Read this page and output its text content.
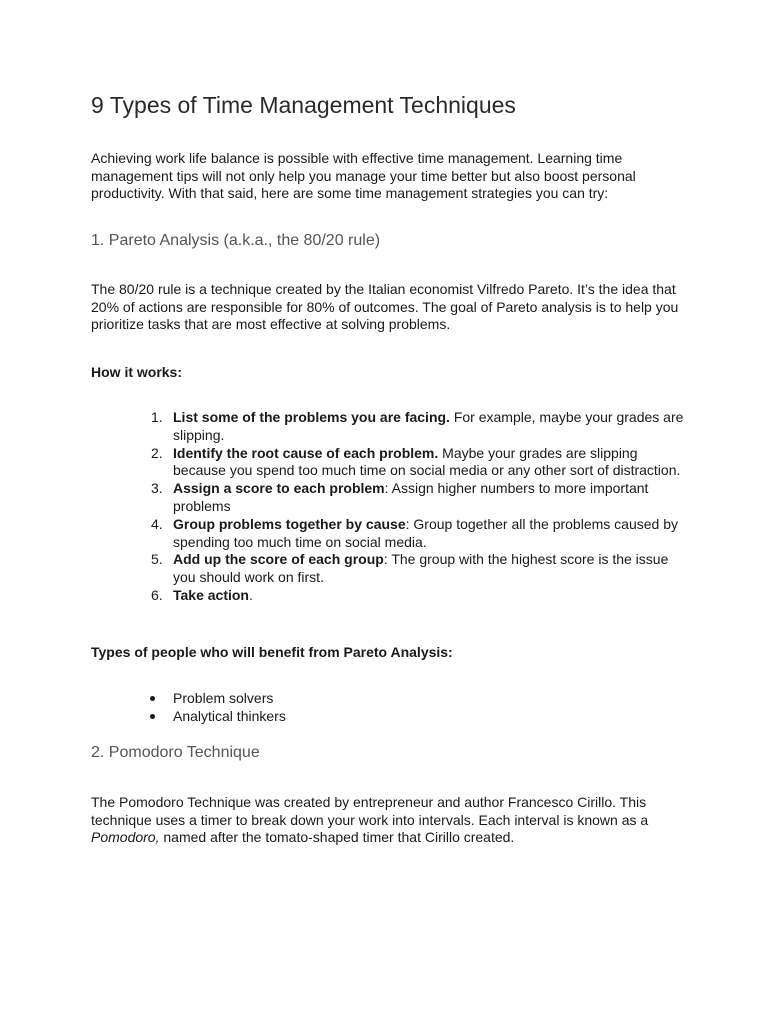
9 Types of Time Management Techniques

Achieving work life balance is possible with effective time management. Learning time management tips will not only help you manage your time better but also boost personal productivity. With that said, here are some time management strategies you can try:

1. Pareto Analysis (a.k.a., the 80/20 rule)

The 80/20 rule is a technique created by the Italian economist Vilfredo Pareto. It’s the idea that 20% of actions are responsible for 80% of outcomes. The goal of Pareto analysis is to help you prioritize tasks that are most effective at solving problems.

How it works:

1. List some of the problems you are facing. For example, maybe your grades are slipping.
2. Identify the root cause of each problem. Maybe your grades are slipping because you spend too much time on social media or any other sort of distraction.
3. Assign a score to each problem: Assign higher numbers to more important problems
4. Group problems together by cause: Group together all the problems caused by spending too much time on social media.
5. Add up the score of each group: The group with the highest score is the issue you should work on first.
6. Take action.

Types of people who will benefit from Pareto Analysis:

Problem solvers
Analytical thinkers
2. Pomodoro Technique

The Pomodoro Technique was created by entrepreneur and author Francesco Cirillo. This technique uses a timer to break down your work into intervals. Each interval is known as a Pomodoro, named after the tomato-shaped timer that Cirillo created.
